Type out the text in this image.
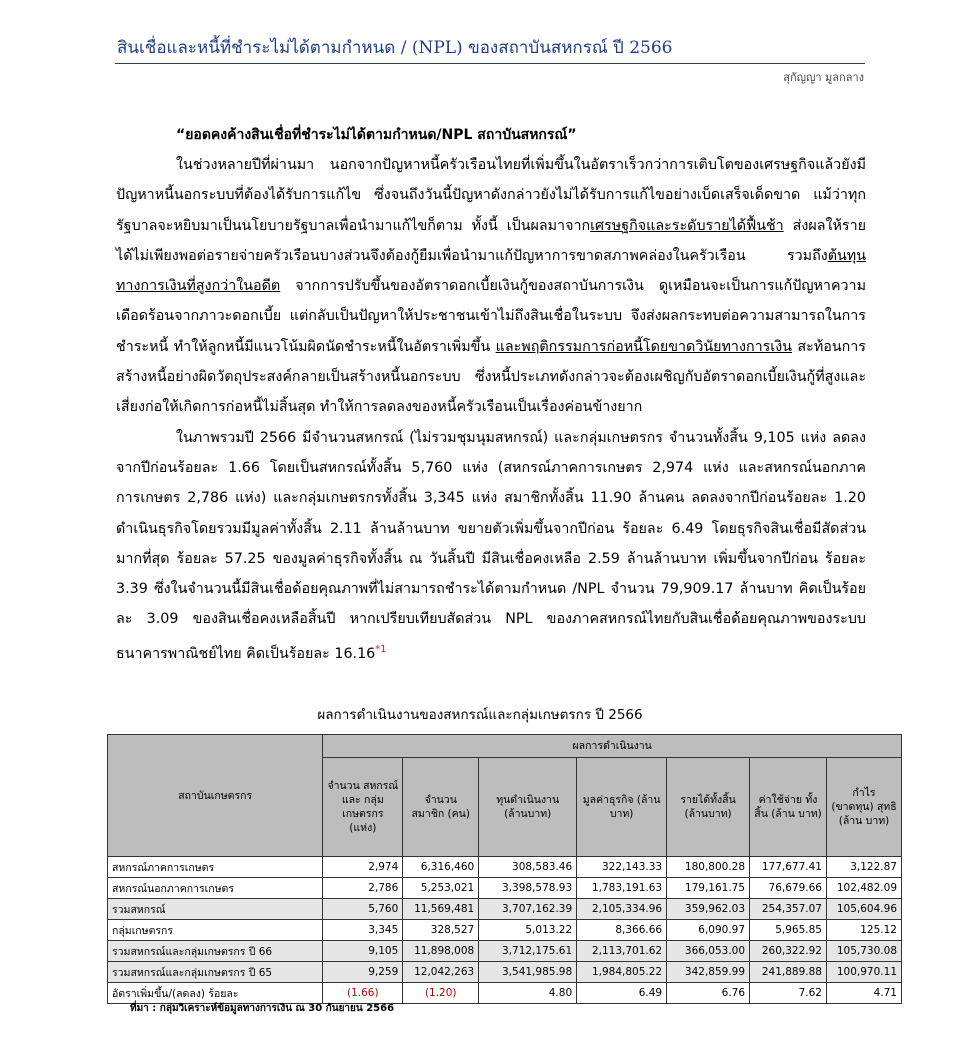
สินเชื่อและหนี้ที่ชำระไม่ได้ตามกำหนด / (NPL) ของสถาบันสหกรณ์ ปี 2566
สุกัญญา มูลกลาง
“ยอดคงค้างสินเชื่อที่ชำระไม่ได้ตามกำหนด/NPL สถาบันสหกรณ์”

ในช่วงหลายปีที่ผ่านมา นอกจากปัญหาหนี้ครัวเรือนไทยที่เพิ่มขึ้นในอัตราเร็วกว่าการเติบโตของเศรษฐกิจแล้วยังมีปัญหาหนี้นอกระบบที่ต้องได้รับการแก้ไข ซึ่งจนถึงวันนี้ปัญหาดังกล่าวยังไม่ได้รับการแก้ไขอย่างเบ็ดเสร็จเด็ดขาด แม้ว่าทุกรัฐบาลจะหยิบมาเป็นนโยบายรัฐบาลเพื่อนำมาแก้ไขก็ตาม ทั้งนี้ เป็นผลมาจากเศรษฐกิจและระดับรายได้ฟื้นช้า ส่งผลให้รายได้ไม่เพียงพอต่อรายจ่ายครัวเรือนบางส่วนจึงต้องกู้ยืมเพื่อนำมาแก้ปัญหาการขาดสภาพคล่องในครัวเรือน รวมถึงต้นทุนทางการเงินที่สูงกว่าในอดีต จากการปรับขึ้นของอัตราดอกเบี้ยเงินกู้ของสถาบันการเงิน ดูเหมือนจะเป็นการแก้ปัญหาความเดือดร้อนจากภาวะดอกเบี้ย แต่กลับเป็นปัญหาให้ประชาชนเข้าไม่ถึงสินเชื่อในระบบ จึงส่งผลกระทบต่อความสามารถในการชำระหนี้ ทำให้ลูกหนี้มีแนวโน้มผิดนัดชำระหนี้ในอัตราเพิ่มขึ้น และพฤติกรรมการก่อหนี้โดยขาดวินัยทางการเงิน สะท้อนการสร้างหนี้อย่างผิดวัตถุประสงค์กลายเป็นสร้างหนี้นอกระบบ ซึ่งหนี้ประเภทดังกล่าวจะต้องเผชิญกับอัตราดอกเบี้ยเงินกู้ที่สูงและเสี่ยงก่อให้เกิดการก่อหนี้ไม่สิ้นสุด ทำให้การลดลงของหนี้ครัวเรือนเป็นเรื่องค่อนข้างยาก

ในภาพรวมปี 2566 มีจำนวนสหกรณ์ (ไม่รวมชุมนุมสหกรณ์) และกลุ่มเกษตรกร จำนวนทั้งสิ้น 9,105 แห่ง ลดลงจากปีก่อนร้อยละ 1.66 โดยเป็นสหกรณ์ทั้งสิ้น 5,760 แห่ง (สหกรณ์ภาคการเกษตร 2,974 แห่ง และสหกรณ์นอกภาคการเกษตร 2,786 แห่ง) และกลุ่มเกษตรกรทั้งสิ้น 3,345 แห่ง สมาชิกทั้งสิ้น 11.90 ล้านคน ลดลงจากปีก่อนร้อยละ 1.20 ดำเนินธุรกิจโดยรวมมีมูลค่าทั้งสิ้น 2.11 ล้านล้านบาท ขยายตัวเพิ่มขึ้นจากปีก่อน ร้อยละ 6.49 โดยธุรกิจสินเชื่อมีสัดส่วนมากที่สุด ร้อยละ 57.25 ของมูลค่าธุรกิจทั้งสิ้น ณ วันสิ้นปี มีสินเชื่อคงเหลือ 2.59 ล้านล้านบาท เพิ่มขึ้นจากปีก่อน ร้อยละ 3.39 ซึ่งในจำนวนนี้มีสินเชื่อด้อยคุณภาพที่ไม่สามารถชำระได้ตามกำหนด /NPL จำนวน 79,909.17 ล้านบาท คิดเป็นร้อยละ 3.09 ของสินเชื่อคงเหลือสิ้นปี หากเปรียบเทียบสัดส่วน NPL ของภาคสหกรณ์ไทยกับสินเชื่อด้อยคุณภาพของระบบธนาคารพาณิชย์ไทย คิดเป็นร้อยละ 16.16$^{*1}$

ผลการดำเนินงานของสหกรณ์และกลุ่มเกษตรกร ปี 2566
สถาบันเกษตรกร	ผลการดำเนินงาน						
	จำนวน สหกรณ์และ กลุ่ม เกษตรกร (แห่ง)	จำนวน สมาชิก (คน)	ทุนดำเนินงาน (ล้านบาท)	มูลค่าธุรกิจ (ล้านบาท)	รายได้ทั้งสิ้น (ล้านบาท)	ค่าใช้จ่าย ทั้งสิ้น (ล้าน บาท)	กำไร (ขาดทุน) สุทธิ (ล้าน บาท)
สหกรณ์ภาคการเกษตร	2,974	6,316,460	308,583.46	322,143.33	180,800.28	177,677.41	3,122.87
สหกรณ์นอกภาคการเกษตร	2,786	5,253,021	3,398,578.93	1,783,191.63	179,161.75	76,679.66	102,482.09
รวมสหกรณ์	5,760	11,569,481	3,707,162.39	2,105,334.96	359,962.03	254,357.07	105,604.96
กลุ่มเกษตรกร	3,345	328,527	5,013.22	8,366.66	6,090.97	5,965.85	125.12
รวมสหกรณ์และกลุ่มเกษตรกร ปี 66	9,105	11,898,008	3,712,175.61	2,113,701.62	366,053.00	260,322.92	105,730.08
รวมสหกรณ์และกลุ่มเกษตรกร ปี 65	9,259	12,042,263	3,541,985.98	1,984,805.22	342,859.99	241,889.88	100,970.11
อัตราเพิ่มขึ้น/(ลดลง) ร้อยละ	(1.66)	(1.20)	4.80	6.49	6.76	7.62	4.71
ที่มา : กลุ่มวิเคราะห์ข้อมูลทางการเงิน ณ 30 กันยายน 2566
